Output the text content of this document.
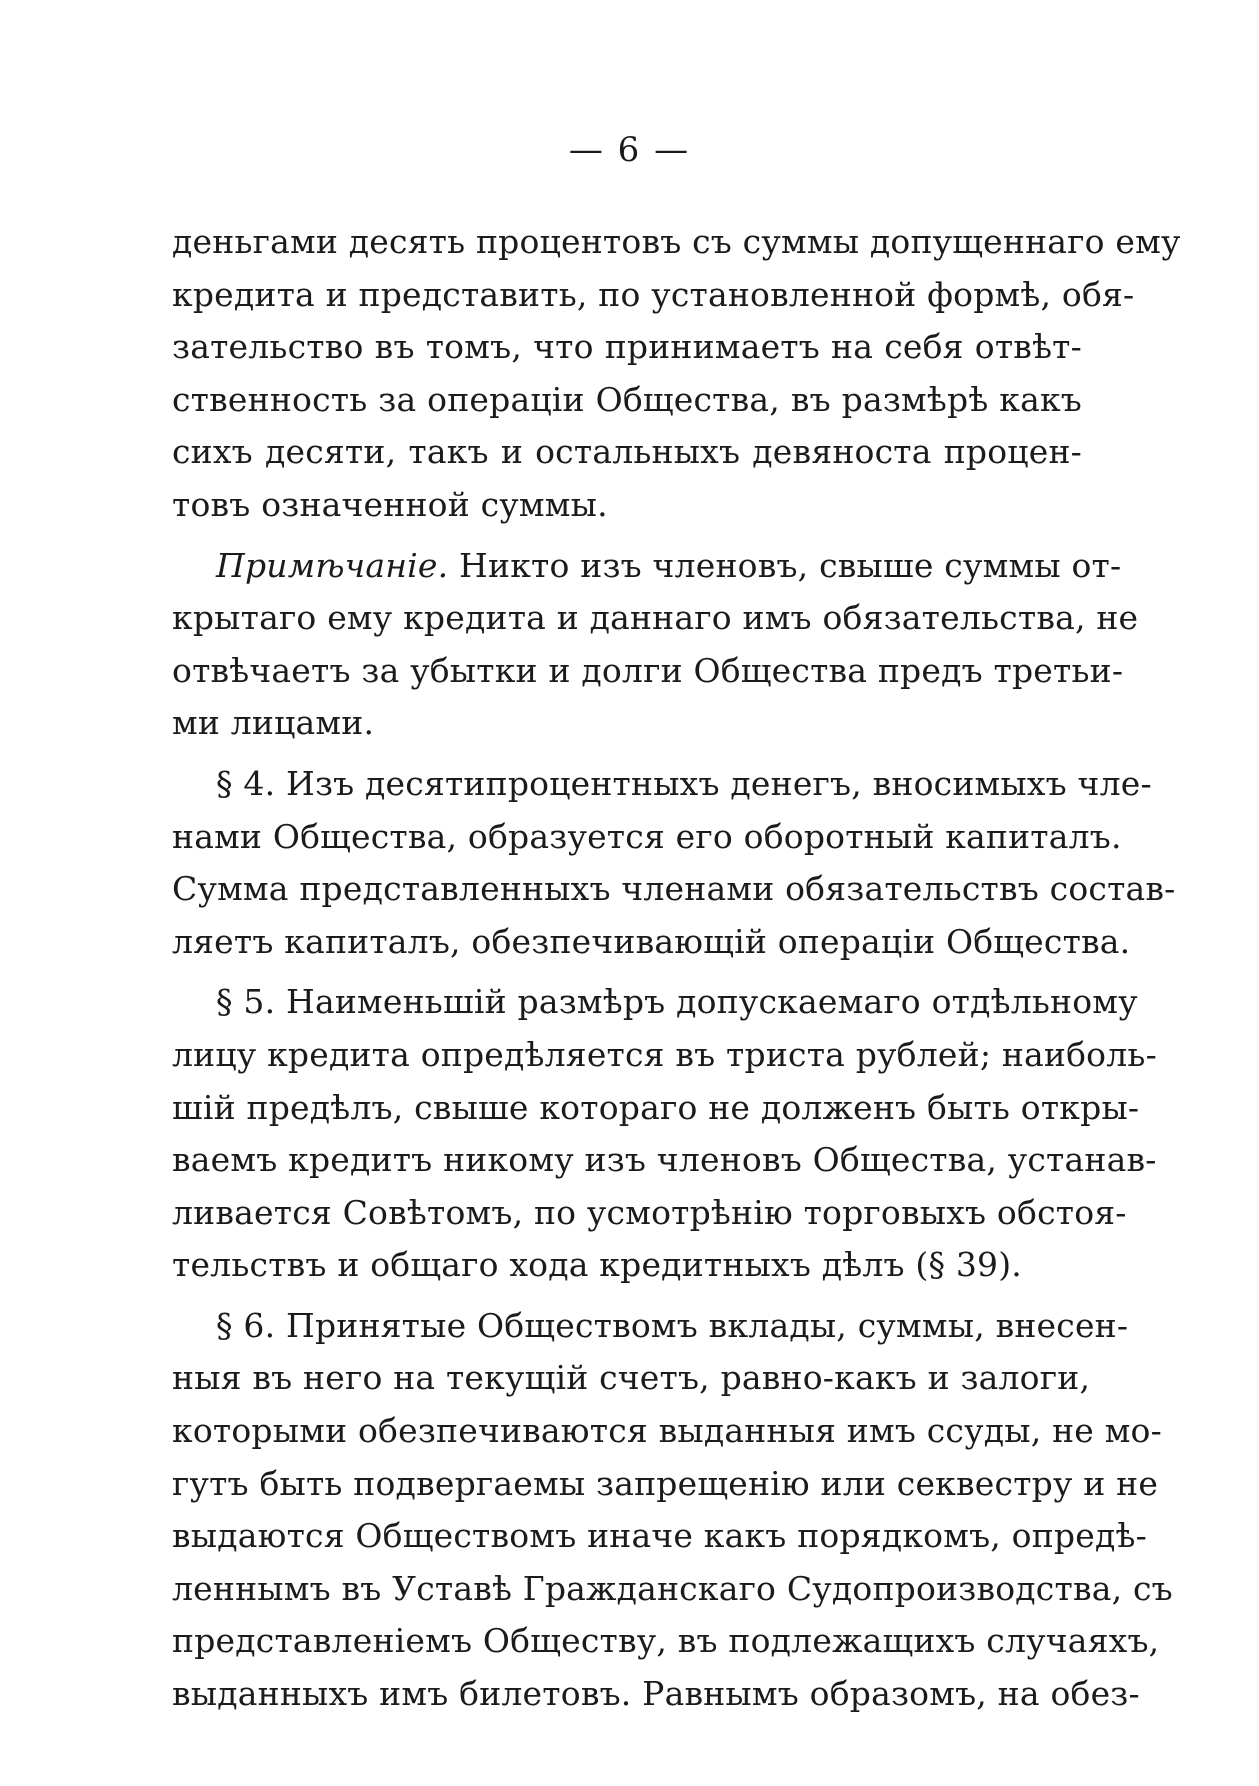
— 6 —
деньгами десять процентовъ съ суммы допущеннаго ему
кредита и представить, по установленной формѣ, обя-
зательство въ томъ, что принимаетъ на себя отвѣт-
ственность за операціи Общества, въ размѣрѣ какъ
сихъ десяти, такъ и остальныхъ девяноста процен-
товъ означенной суммы.
Примѣчаніе. Никто изъ членовъ, свыше суммы от-
крытаго ему кредита и даннаго имъ обязательства, не
отвѣчаетъ за убытки и долги Общества предъ третьи-
ми лицами.
§ 4. Изъ десятипроцентныхъ денегъ, вносимыхъ чле-
нами Общества, образуется его оборотный капиталъ.
Сумма представленныхъ членами обязательствъ состав-
ляетъ капиталъ, обезпечивающій операціи Общества.
§ 5. Наименьшій размѣръ допускаемаго отдѣльному
лицу кредита опредѣляется въ триста рублей; наиболь-
шій предѣлъ, свыше котораго не долженъ быть откры-
ваемъ кредитъ никому изъ членовъ Общества, устанав-
ливается Совѣтомъ, по усмотрѣнію торговыхъ обстоя-
тельствъ и общаго хода кредитныхъ дѣлъ (§ 39).
§ 6. Принятые Обществомъ вклады, суммы, внесен-
ныя въ него на текущій счетъ, равно-какъ и залоги,
которыми обезпечиваются выданныя имъ ссуды, не мо-
гутъ быть подвергаемы запрещенію или секвестру и не
выдаются Обществомъ иначе какъ порядкомъ, опредѣ-
леннымъ въ Уставѣ Гражданскаго Судопроизводства, съ
представленіемъ Обществу, въ подлежащихъ случаяхъ,
выданныхъ имъ билетовъ. Равнымъ образомъ, на обез-
